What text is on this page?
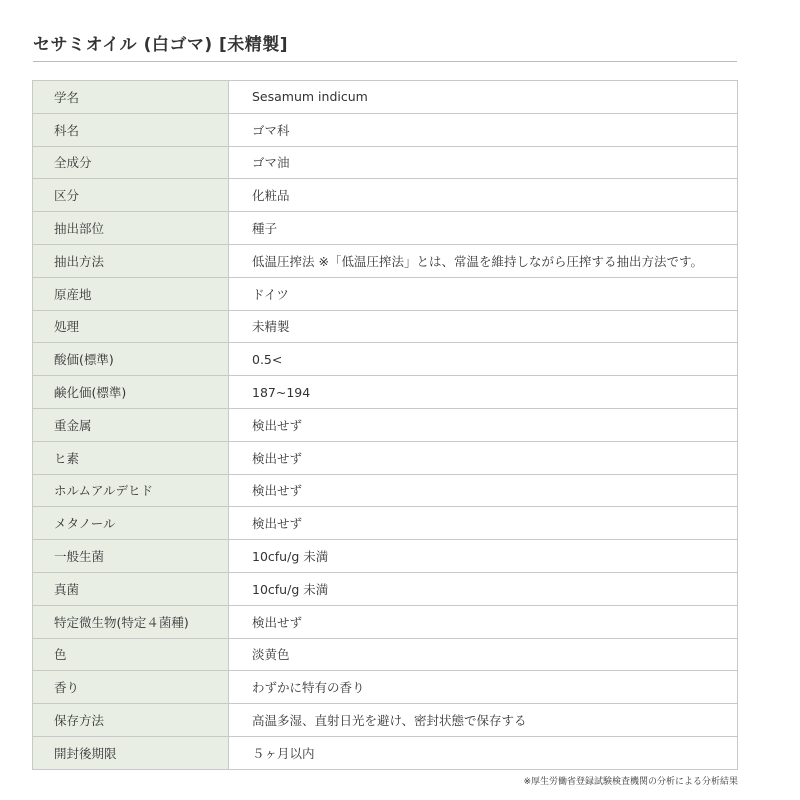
セサミオイル (白ゴマ) [未精製]
学名	Sesamum indicum
科名	ゴマ科
全成分	ゴマ油
区分	化粧品
抽出部位	種子
抽出方法	低温圧搾法 ※「低温圧搾法」とは、常温を維持しながら圧搾する抽出方法です。
原産地	ドイツ
処理	未精製
酸価(標準)	0.5<
鹸化価(標準)	187~194
重金属	検出せず
ヒ素	検出せず
ホルムアルデヒド	検出せず
メタノール	検出せず
一般生菌	10cfu/g 未満
真菌	10cfu/g 未満
特定微生物(特定４菌種)	検出せず
色	淡黄色
香り	わずかに特有の香り
保存方法	高温多湿、直射日光を避け、密封状態で保存する
開封後期限	５ヶ月以内
※厚生労働省登録試験検査機関の分析による分析結果
